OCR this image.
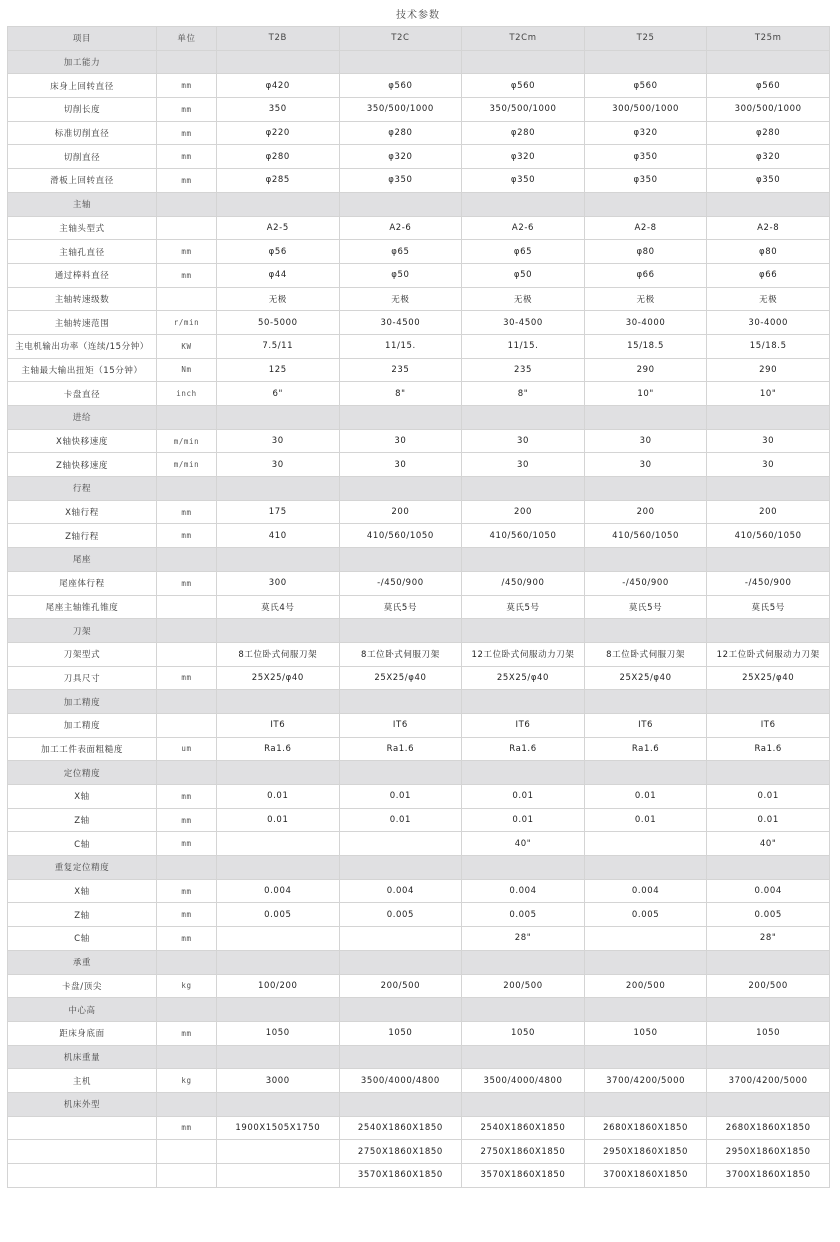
技术参数
项目	单位	T2B	T2C	T2Cm	T25	T25m
加工能力						
床身上回转直径	mm	φ420	φ560	φ560	φ560	φ560
切削长度	mm	350	350/500/1000	350/500/1000	300/500/1000	300/500/1000
标准切削直径	mm	φ220	φ280	φ280	φ320	φ280
切削直径	mm	φ280	φ320	φ320	φ350	φ320
滑板上回转直径	mm	φ285	φ350	φ350	φ350	φ350
主轴						
主轴头型式		A2-5	A2-6	A2-6	A2-8	A2-8
主轴孔直径	mm	φ56	φ65	φ65	φ80	φ80
通过棒料直径	mm	φ44	φ50	φ50	φ66	φ66
主轴转速级数		无极	无极	无极	无极	无极
主轴转速范围	r/min	50-5000	30-4500	30-4500	30-4000	30-4000
主电机输出功率（连续/15分钟）	KW	7.5/11	11/15.	11/15.	15/18.5	15/18.5
主轴最大输出扭矩（15分钟）	Nm	125	235	235	290	290
卡盘直径	inch	6"	8"	8"	10"	10"
进给						
X轴快移速度	m/min	30	30	30	30	30
Z轴快移速度	m/min	30	30	30	30	30
行程						
X轴行程	mm	175	200	200	200	200
Z轴行程	mm	410	410/560/1050	410/560/1050	410/560/1050	410/560/1050
尾座						
尾座体行程	mm	300	-/450/900	/450/900	-/450/900	-/450/900
尾座主轴锥孔锥度		莫氏4号	莫氏5号	莫氏5号	莫氏5号	莫氏5号
刀架						
刀架型式		8工位卧式伺服刀架	8工位卧式伺服刀架	12工位卧式伺服动力刀架	8工位卧式伺服刀架	12工位卧式伺服动力刀架
刀具尺寸	mm	25X25/φ40	25X25/φ40	25X25/φ40	25X25/φ40	25X25/φ40
加工精度						
加工精度		IT6	IT6	IT6	IT6	IT6
加工工件表面粗糙度	um	Ra1.6	Ra1.6	Ra1.6	Ra1.6	Ra1.6
定位精度						
X轴	mm	0.01	0.01	0.01	0.01	0.01
Z轴	mm	0.01	0.01	0.01	0.01	0.01
C轴	mm			40"		40"
重复定位精度						
X轴	mm	0.004	0.004	0.004	0.004	0.004
Z轴	mm	0.005	0.005	0.005	0.005	0.005
C轴	mm			28"		28"
承重						
卡盘/顶尖	kg	100/200	200/500	200/500	200/500	200/500
中心高						
距床身底面	mm	1050	1050	1050	1050	1050
机床重量						
主机	kg	3000	3500/4000/4800	3500/4000/4800	3700/4200/5000	3700/4200/5000
机床外型						
	mm	1900X1505X1750	2540X1860X1850	2540X1860X1850	2680X1860X1850	2680X1860X1850
			2750X1860X1850	2750X1860X1850	2950X1860X1850	2950X1860X1850
			3570X1860X1850	3570X1860X1850	3700X1860X1850	3700X1860X1850
